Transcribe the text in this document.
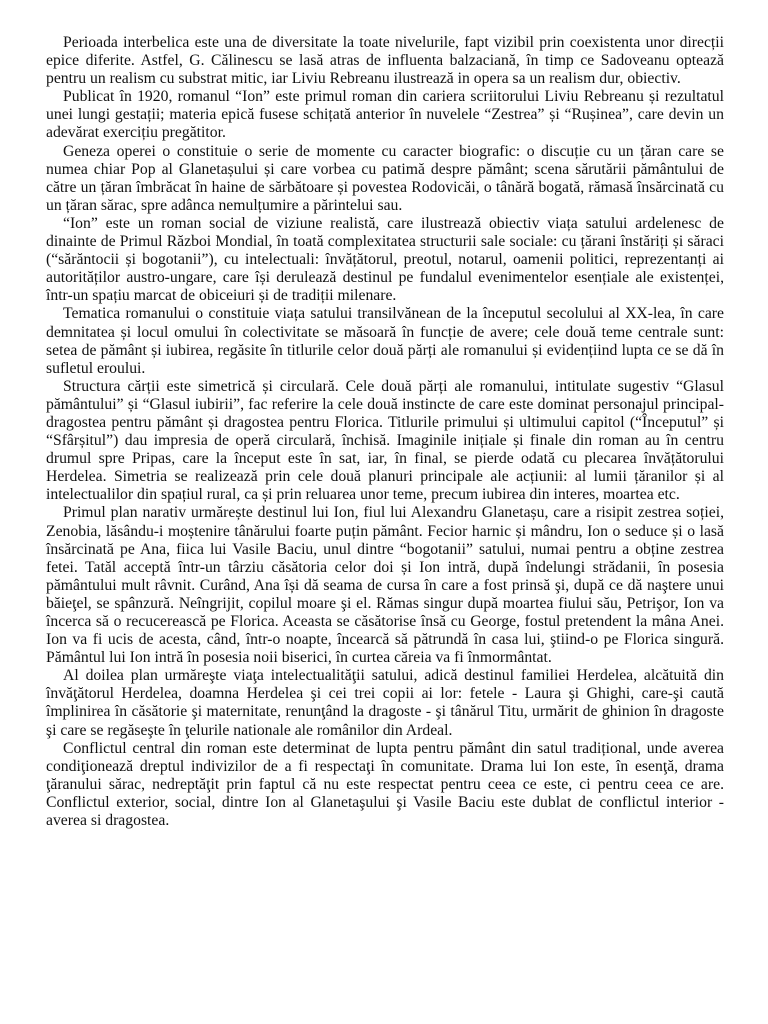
Perioada interbelica este una de diversitate la toate nivelurile, fapt vizibil prin coexistenta unor direcții epice diferite. Astfel, G. Călinescu se lasă atras de influenta balzaciană, în timp ce Sadoveanu optează pentru un realism cu substrat mitic, iar Liviu Rebreanu ilustrează in opera sa un realism dur, obiectiv.

Publicat în 1920, romanul “Ion” este primul roman din cariera scriitorului Liviu Rebreanu și rezultatul unei lungi gestații; materia epică fusese schițată anterior în nuvelele “Zestrea” și “Rușinea”, care devin un adevărat exercițiu pregătitor.

Geneza operei o constituie o serie de momente cu caracter biografic: o discuție cu un țăran care se numea chiar Pop al Glanetașului și care vorbea cu patimă despre pământ; scena sărutării pământului de către un țăran îmbrăcat în haine de sărbătoare și povestea Rodovicăi, o tânără bogată, rămasă însărcinată cu un țăran sărac, spre adânca nemulțumire a părintelui sau.

“Ion” este un roman social de viziune realistă, care ilustrează obiectiv viața satului ardelenesc de dinainte de Primul Război Mondial, în toată complexitatea structurii sale sociale: cu țărani înstăriți și săraci (“sărăntocii și bogotanii”), cu intelectuali: învățătorul, preotul, notarul, oamenii politici, reprezentanți ai autorităților austro-ungare, care își derulează destinul pe fundalul evenimentelor esențiale ale existenței, într-un spațiu marcat de obiceiuri și de tradiții milenare.

Tematica romanului o constituie viața satului transilvănean de la începutul secolului al XX-lea, în care demnitatea și locul omului în colectivitate se măsoară în funcție de avere; cele două teme centrale sunt: setea de pământ și iubirea, regăsite în titlurile celor două părți ale romanului și evidențiind lupta ce se dă în sufletul eroului.

Structura cărții este simetrică și circulară. Cele două părți ale romanului, intitulate sugestiv “Glasul pământului” și “Glasul iubirii”, fac referire la cele două instincte de care este dominat personajul principal-dragostea pentru pământ și dragostea pentru Florica. Titlurile primului și ultimului capitol (“Începutul” și “Sfârșitul”) dau impresia de operă circulară, închisă. Imaginile inițiale și finale din roman au în centru drumul spre Pripas, care la început este în sat, iar, în final, se pierde odată cu plecarea învățătorului Herdelea. Simetria se realizează prin cele două planuri principale ale acțiunii: al lumii țăranilor și al intelectualilor din spațiul rural, ca și prin reluarea unor teme, precum iubirea din interes, moartea etc.

Primul plan narativ urmărește destinul lui Ion, fiul lui Alexandru Glanetașu, care a risipit zestrea soției, Zenobia, lăsându-i moștenire tânărului foarte puțin pământ. Fecior harnic și mândru, Ion o seduce și o lasă însărcinată pe Ana, fiica lui Vasile Baciu, unul dintre “bogotanii” satului, numai pentru a obține zestrea fetei. Tatăl acceptă într-un târziu căsătoria celor doi și Ion intră, după îndelungi strădanii, în posesia pământului mult râvnit. Curând, Ana își dă seama de cursa în care a fost prinsă şi, după ce dă naştere unui băieţel, se spânzură. Neîngrijit, copilul moare şi el. Rămas singur după moartea fiului său, Petrişor, Ion va încerca să o recucerească pe Florica. Aceasta se căsătorise însă cu George, fostul pretendent la mâna Anei. Ion va fi ucis de acesta, când, într-o noapte, încearcă să pătrundă în casa lui, ştiind-o pe Florica singură. Pământul lui Ion intră în posesia noii biserici, în curtea căreia va fi înmormântat.

Al doilea plan urmăreşte viaţa intelectualităţii satului, adică destinul familiei Herdelea, alcătuită din învăţătorul Herdelea, doamna Herdelea şi cei trei copii ai lor: fetele - Laura şi Ghighi, care-şi caută împlinirea în căsătorie şi maternitate, renunţând la dragoste - şi tânărul Titu, urmărit de ghinion în dragoste şi care se regăseşte în ţelurile nationale ale românilor din Ardeal.

Conflictul central din roman este determinat de lupta pentru pământ din satul tradițional, unde averea condiţionează dreptul indivizilor de a fi respectaţi în comunitate. Drama lui Ion este, în esenţă, drama ţăranului sărac, nedreptăţit prin faptul că nu este respectat pentru ceea ce este, ci pentru ceea ce are. Conflictul exterior, social, dintre Ion al Glanetaşului şi Vasile Baciu este dublat de conflictul interior - averea si dragostea.
